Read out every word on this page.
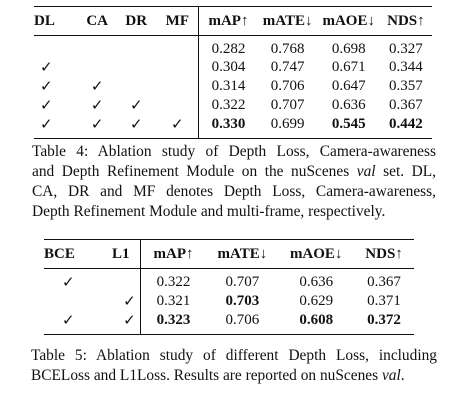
DL	CA	DR	MF	mAP↑	mATE↓	mAOE↓	NDS↑
				0.282	0.768	0.698	0.327
✓				0.304	0.747	0.671	0.344
✓	✓			0.314	0.706	0.647	0.357
✓	✓	✓		0.322	0.707	0.636	0.367
✓	✓	✓	✓	0.330	0.699	0.545	0.442
Table 4: Ablation study of Depth Loss, Camera-awareness
and Depth Refinement Module on the nuScenes val set. DL,
CA, DR and MF denotes Depth Loss, Camera-awareness,
Depth Refinement Module and multi-frame, respectively.
BCE	L1	mAP↑	mATE↓	mAOE↓	NDS↑
✓		0.322	0.707	0.636	0.367
	✓	0.321	0.703	0.629	0.371
✓	✓	0.323	0.706	0.608	0.372
Table 5: Ablation study of different Depth Loss, including
BCELoss and L1Loss. Results are reported on nuScenes val.
